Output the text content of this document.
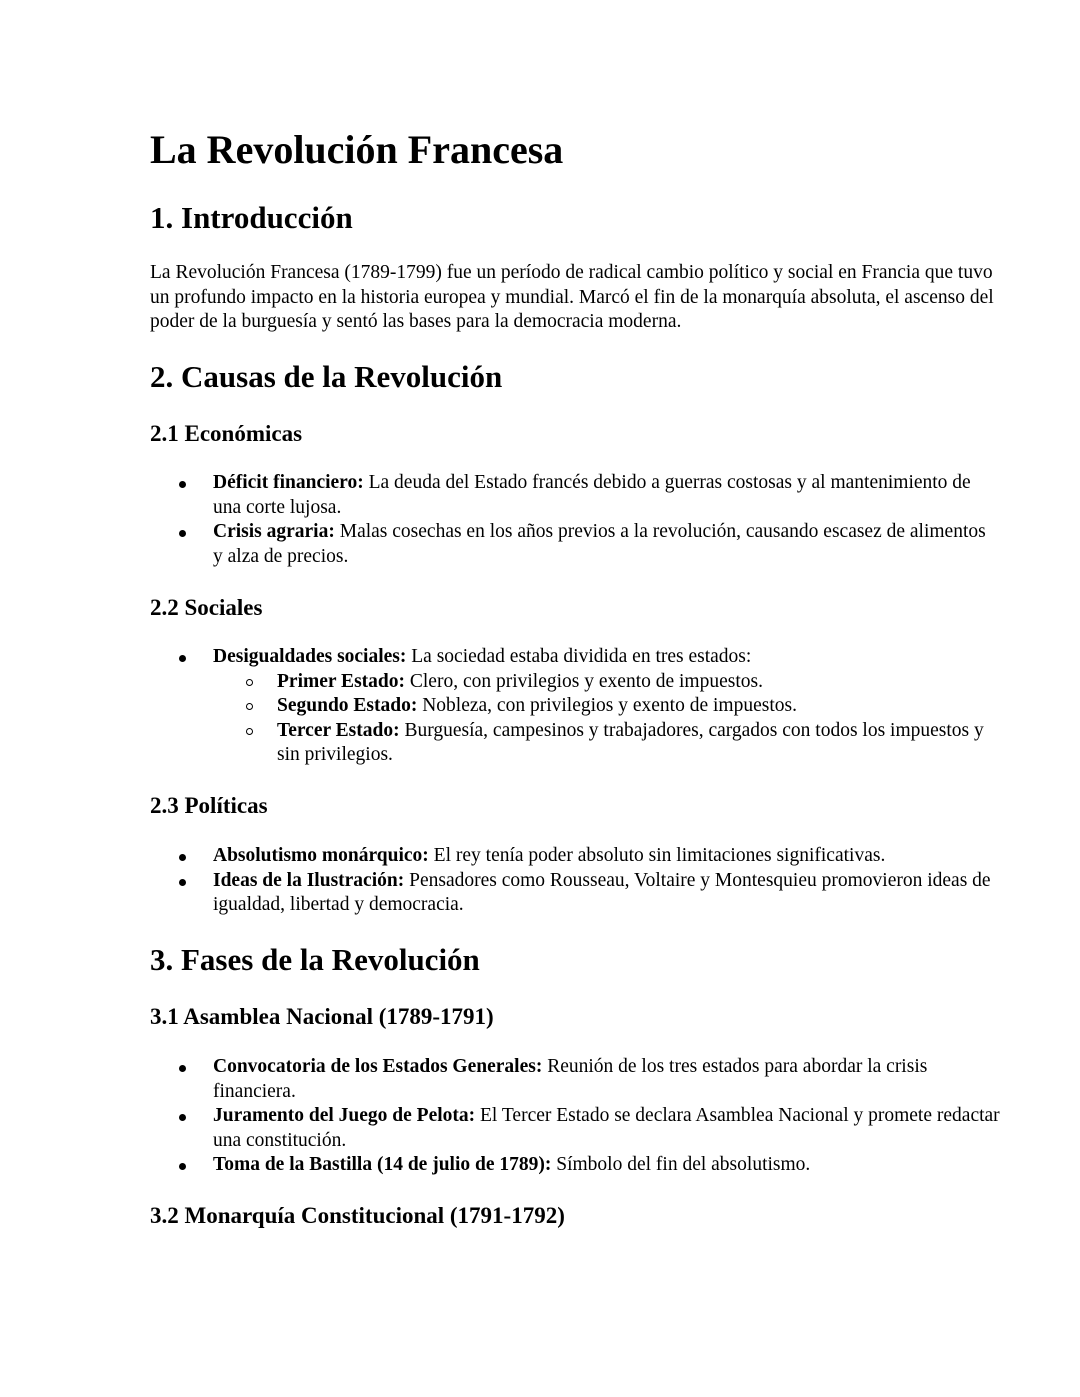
La Revolución Francesa
1. Introducción

La Revolución Francesa (1789-1799) fue un período de radical cambio político y social en Francia que tuvo un profundo impacto en la historia europea y mundial. Marcó el fin de la monarquía absoluta, el ascenso del poder de la burguesía y sentó las bases para la democracia moderna.

2. Causas de la Revolución
2.1 Económicas
Déficit financiero: La deuda del Estado francés debido a guerras costosas y al mantenimiento de una corte lujosa.
Crisis agraria: Malas cosechas en los años previos a la revolución, causando escasez de alimentos y alza de precios.
2.2 Sociales
Desigualdades sociales: La sociedad estaba dividida en tres estados:
Primer Estado: Clero, con privilegios y exento de impuestos.
Segundo Estado: Nobleza, con privilegios y exento de impuestos.
Tercer Estado: Burguesía, campesinos y trabajadores, cargados con todos los impuestos y sin privilegios.
2.3 Políticas
Absolutismo monárquico: El rey tenía poder absoluto sin limitaciones significativas.
Ideas de la Ilustración: Pensadores como Rousseau, Voltaire y Montesquieu promovieron ideas de igualdad, libertad y democracia.
3. Fases de la Revolución
3.1 Asamblea Nacional (1789-1791)
Convocatoria de los Estados Generales: Reunión de los tres estados para abordar la crisis financiera.
Juramento del Juego de Pelota: El Tercer Estado se declara Asamblea Nacional y promete redactar una constitución.
Toma de la Bastilla (14 de julio de 1789): Símbolo del fin del absolutismo.
3.2 Monarquía Constitucional (1791-1792)
